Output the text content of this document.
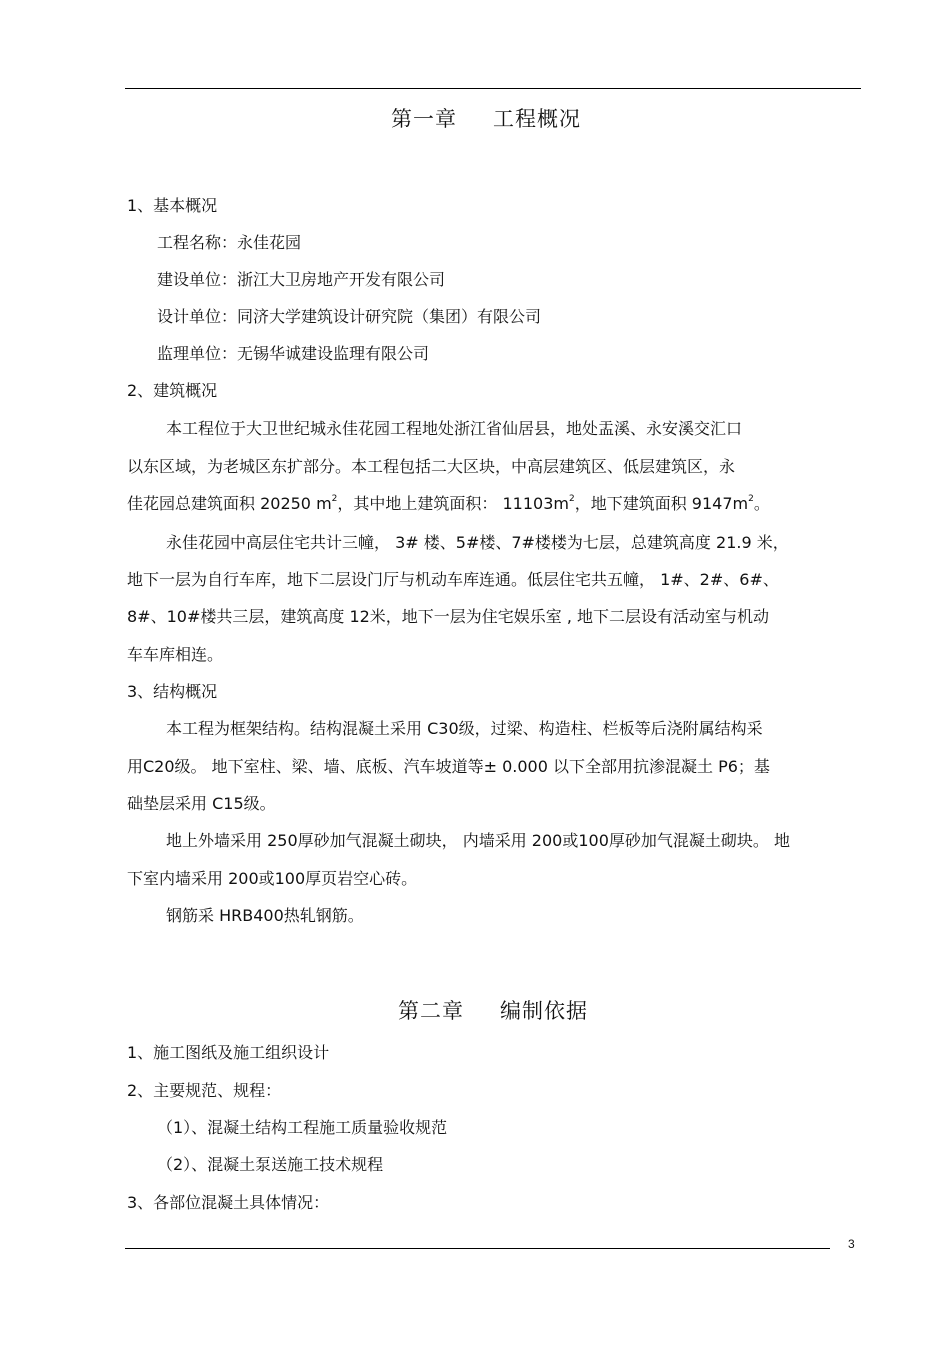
第一章 工程概况
1、基本概况
工程名称：永佳花园
建设单位：浙江大卫房地产开发有限公司
设计单位：同济大学建筑设计研究院（集团）有限公司
监理单位：无锡华诚建设监理有限公司
2、建筑概况
本工程位于大卫世纪城永佳花园工程地处浙江省仙居县，地处盂溪、永安溪交汇口
以东区域，为老城区东扩部分。本工程包括二大区块，中高层建筑区、低层建筑区，永
佳花园总建筑面积 20250 $m^2$，其中地上建筑面积： $11103m^2$，地下建筑面积 $9147m^2$。
永佳花园中高层住宅共计三幢， 3# 楼、5#楼、7#楼楼为七层，总建筑高度 21.9 米，
地下一层为自行车库，地下二层设门厅与机动车库连通。低层住宅共五幢， 1#、2#、6#、
8#、10#楼共三层，建筑高度 12米，地下一层为住宅娱乐室 , 地下二层设有活动室与机动
车车库相连。
3、结构概况
本工程为框架结构。结构混凝土采用 C30级，过梁、构造柱、栏板等后浇附属结构采
用C20级。 地下室柱、梁、墙、底板、汽车坡道等± 0.000 以下全部用抗渗混凝土 P6；基
础垫层采用 C15级。
地上外墙采用 250厚砂加气混凝土砌块， 内墙采用 200或100厚砂加气混凝土砌块。 地
下室内墙采用 200或100厚页岩空心砖。
钢筋采 HRB400热轧钢筋。
第二章 编制依据
1、施工图纸及施工组织设计
2、主要规范、规程：
（1）、混凝土结构工程施工质量验收规范
（2）、混凝土泵送施工技术规程
3、各部位混凝土具体情况：
3
